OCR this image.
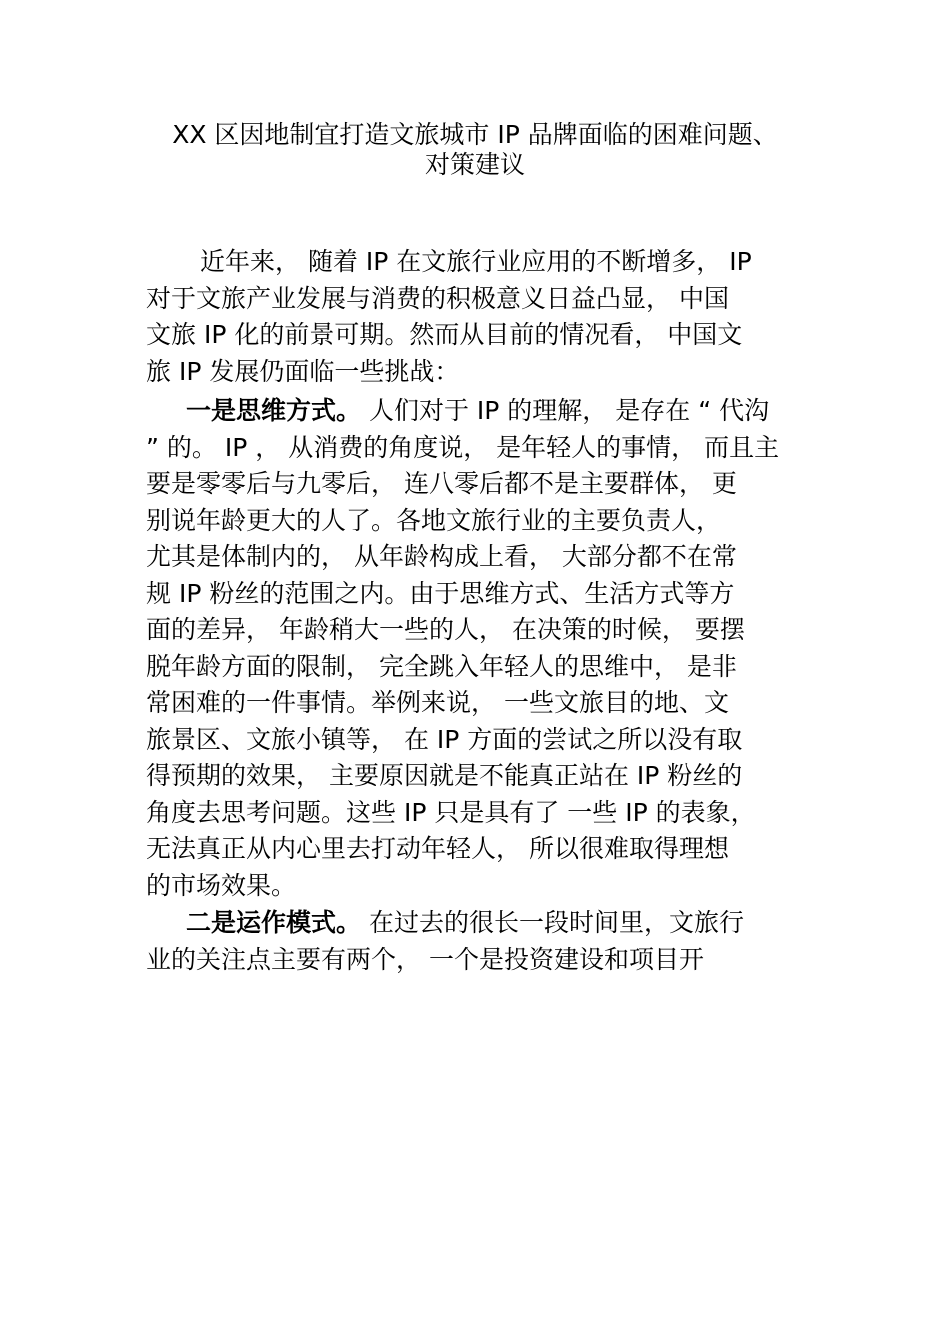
XX 区因地制宜打造文旅城市 IP 品牌面临的困难问题、
对策建议

近年来， 随着 IP 在文旅行业应用的不断增多， IP
对于文旅产业发展与消费的积极意义日益凸显， 中国
文旅 IP 化的前景可期。然而从目前的情况看， 中国文
旅 IP 发展仍面临一些挑战：

一是思维方式。 人们对于 IP 的理解， 是存在 “ 代沟
” 的。 IP ， 从消费的角度说， 是年轻人的事情， 而且主
要是零零后与九零后， 连八零后都不是主要群体， 更
别说年龄更大的人了。各地文旅行业的主要负责人，
尤其是体制内的， 从年龄构成上看， 大部分都不在常
规 IP 粉丝的范围之内。由于思维方式、生活方式等方
面的差异， 年龄稍大一些的人， 在决策的时候， 要摆
脱年龄方面的限制， 完全跳入年轻人的思维中， 是非
常困难的一件事情。举例来说， 一些文旅目的地、文
旅景区、文旅小镇等， 在 IP 方面的尝试之所以没有取
得预期的效果， 主要原因就是不能真正站在 IP 粉丝的
角度去思考问题。这些 IP 只是具有了 一些 IP 的表象，
无法真正从内心里去打动年轻人， 所以很难取得理想
的市场效果。

二是运作模式。 在过去的很长一段时间里，文旅行
业的关注点主要有两个， 一个是投资建设和项目开
